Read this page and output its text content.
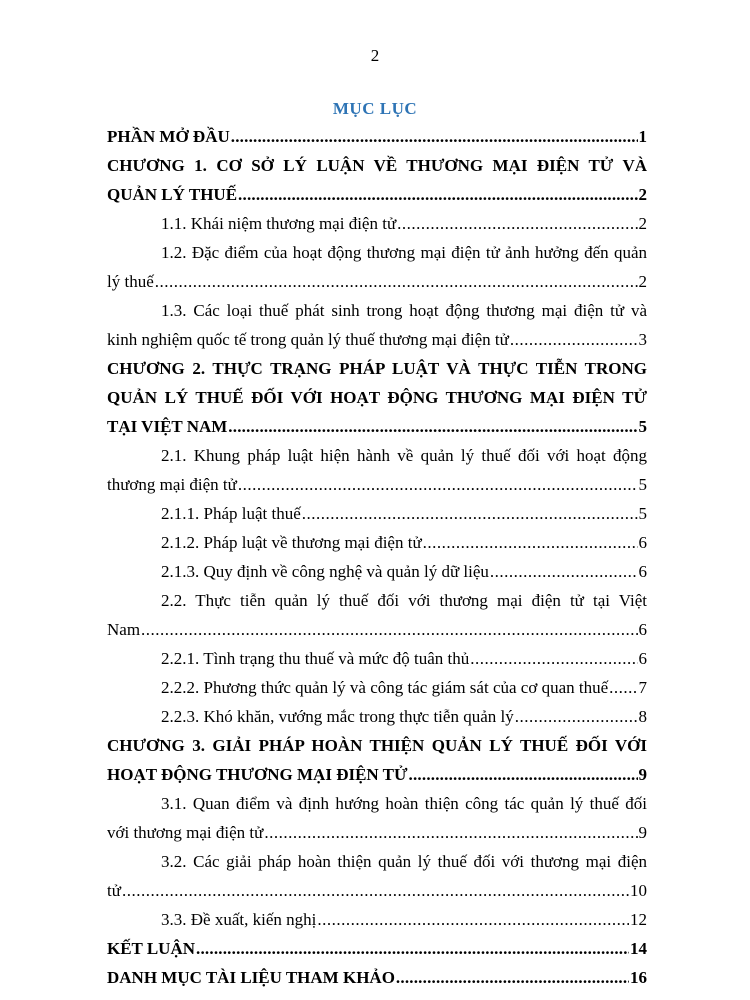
2
MỤC LỤC
PHẦN MỞ ĐẦU .....	1
CHƯƠNG 1. CƠ SỞ LÝ LUẬN VỀ THƯƠNG MẠI ĐIỆN TỬ VÀ
QUẢN LÝ THUẾ .....	2
1.1. Khái niệm thương mại điện tử .....	2
1.2. Đặc điểm của hoạt động thương mại điện tử ảnh hưởng đến quản
lý thuế .....	2
1.3. Các loại thuế phát sinh trong hoạt động thương mại điện tử và
kinh nghiệm quốc tế trong quản lý thuế thương mại điện tử .....	3
CHƯƠNG 2. THỰC TRẠNG PHÁP LUẬT VÀ THỰC TIỄN TRONG
QUẢN LÝ THUẾ ĐỐI VỚI HOẠT ĐỘNG THƯƠNG MẠI ĐIỆN TỬ
TẠI VIỆT NAM .....	5
2.1. Khung pháp luật hiện hành về quản lý thuế đối với hoạt động
thương mại điện tử .....	5
2.1.1. Pháp luật thuế .....	5
2.1.2. Pháp luật về thương mại điện tử .....	6
2.1.3. Quy định về công nghệ và quản lý dữ liệu .....	6
2.2. Thực tiễn quản lý thuế đối với thương mại điện tử tại Việt
Nam .....	6
2.2.1. Tình trạng thu thuế và mức độ tuân thủ .....	6
2.2.2. Phương thức quản lý và công tác giám sát của cơ quan thuế ..... 7
2.2.3. Khó khăn, vướng mắc trong thực tiễn quản lý .....	8
CHƯƠNG 3. GIẢI PHÁP HOÀN THIỆN QUẢN LÝ THUẾ ĐỐI VỚI
HOẠT ĐỘNG THƯƠNG MẠI ĐIỆN TỬ .....	9
3.1. Quan điểm và định hướng hoàn thiện công tác quản lý thuế đối
với thương mại điện tử .....	9
3.2. Các giải pháp hoàn thiện quản lý thuế đối với thương mại điện
tử .....	10
3.3. Đề xuất, kiến nghị .....	12
KẾT LUẬN .....	14
DANH MỤC TÀI LIỆU THAM KHẢO .....	16
